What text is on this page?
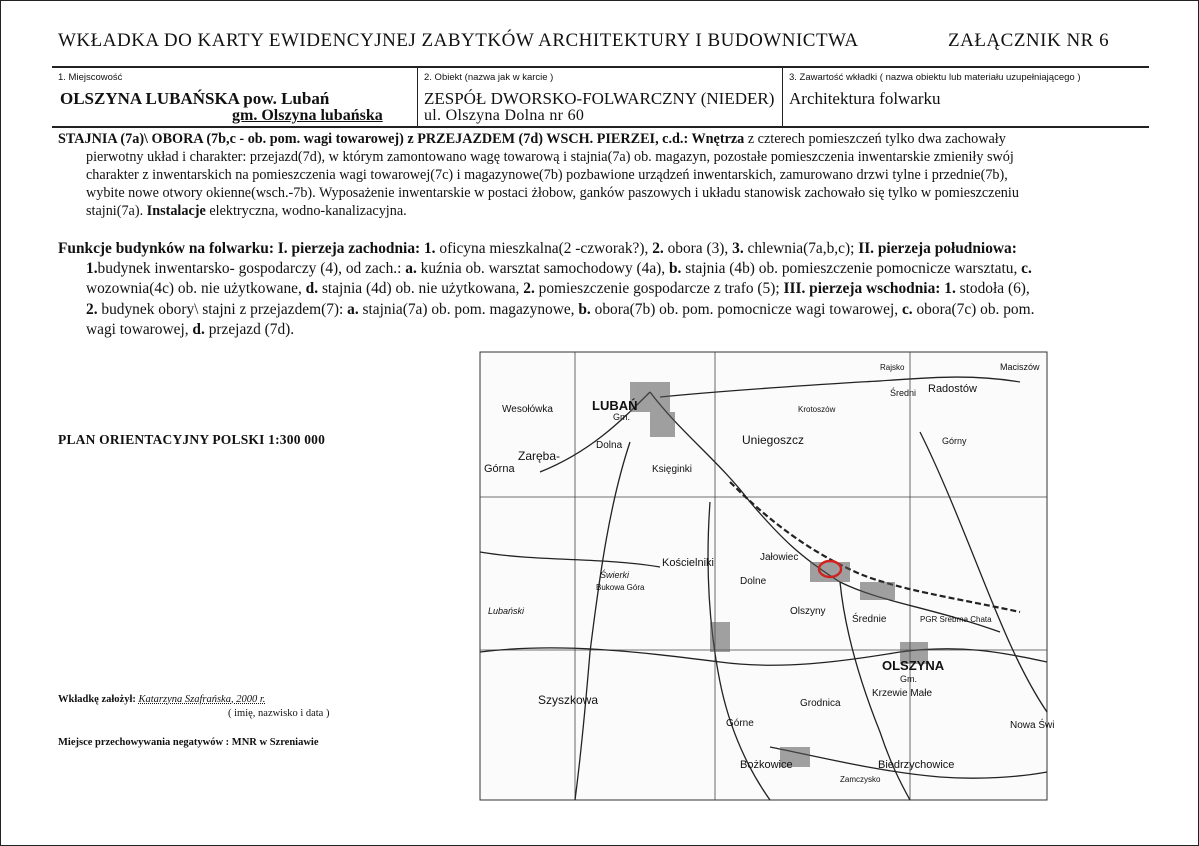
WKŁADKA DO KARTY EWIDENCYJNEJ ZABYTKÓW ARCHITEKTURY I BUDOWNICTWA	ZAŁĄCZNIK NR 6
1. Miejscowość
OLSZYNA LUBAŃSKA pow. Lubań
gm. Olszyna lubańska
2. Obiekt (nazwa jak w karcie )
ZESPÓŁ DWORSKO-FOLWARCZNY (NIEDER)
ul. Olszyna Dolna nr 60
3. Zawartość wkładki ( nazwa obiektu lub materiału uzupełniającego )
Architektura folwarku
STAJNIA (7a)\ OBORA (7b,c - ob. pom. wagi towarowej) z PRZEJAZDEM (7d) WSCH. PIERZEI, c.d.: Wnętrza z czterech pomieszczeń tylko dwa zachowały
pierwotny układ i charakter: przejazd(7d), w którym zamontowano wagę towarową i stajnia(7a) ob. magazyn, pozostałe pomieszczenia inwentarskie zmieniły swój
charakter z inwentarskich na pomieszczenia wagi towarowej(7c) i magazynowe(7b) pozbawione urządzeń inwentarskich, zamurowano drzwi tylne i przednie(7b),
wybite nowe otwory okienne(wsch.-7b). Wyposażenie inwentarskie w postaci żłobow, ganków paszowych i układu stanowisk zachowało się tylko w pomieszczeniu
stajni(7a). Instalacje elektryczna, wodno-kanalizacyjna.
Funkcje budynków na folwarku: I. pierzeja zachodnia: 1. oficyna mieszkalna(2 -czworak?), 2. obora (3), 3. chlewnia(7a,b,c); II. pierzeja południowa:
1.budynek inwentarsko- gospodarczy (4), od zach.: a. kuźnia ob. warsztat samochodowy (4a), b. stajnia (4b) ob. pomieszczenie pomocnicze warsztatu, c.
wozownia(4c) ob. nie użytkowane, d. stajnia (4d) ob. nie użytkowana, 2. pomieszczenie gospodarcze z trafo (5); III. pierzeja wschodnia: 1. stodoła (6),
2. budynek obory\ stajni z przejazdem(7): a. stajnia(7a) ob. pom. magazynowe, b. obora(7b) ob. pom. pomocnicze wagi towarowej, c. obora(7c) ob. pom.
wagi towarowej, d. przejazd (7d).
PLAN ORIENTACYJNY POLSKI 1:300 000
LUBAŃ
Gm.
Uniegoszcz
Radostów
Zaręba-
Górna
Wesołówka
Dolna
Księginki
Kościelniki	Jałowiec
Dolne
Olszyny
Średnie
OLSZYNA
Gm.
Krzewie Małe
Szyszkowa	Grodnica
Górne
Bożkowice	Biedrzychowice
Nowa Świ
PGR Srebrna Chata
Maciszów
Górny
Średni
Krotoszów
Bukowa Góra
Świerki
Lubański
Rajsko
Zamczysko
Wkładkę założył: Katarzyna Szafrańska, 2000 r.
( imię, nazwisko i data )
Miejsce przechowywania negatywów : MNR w Szreniawie
